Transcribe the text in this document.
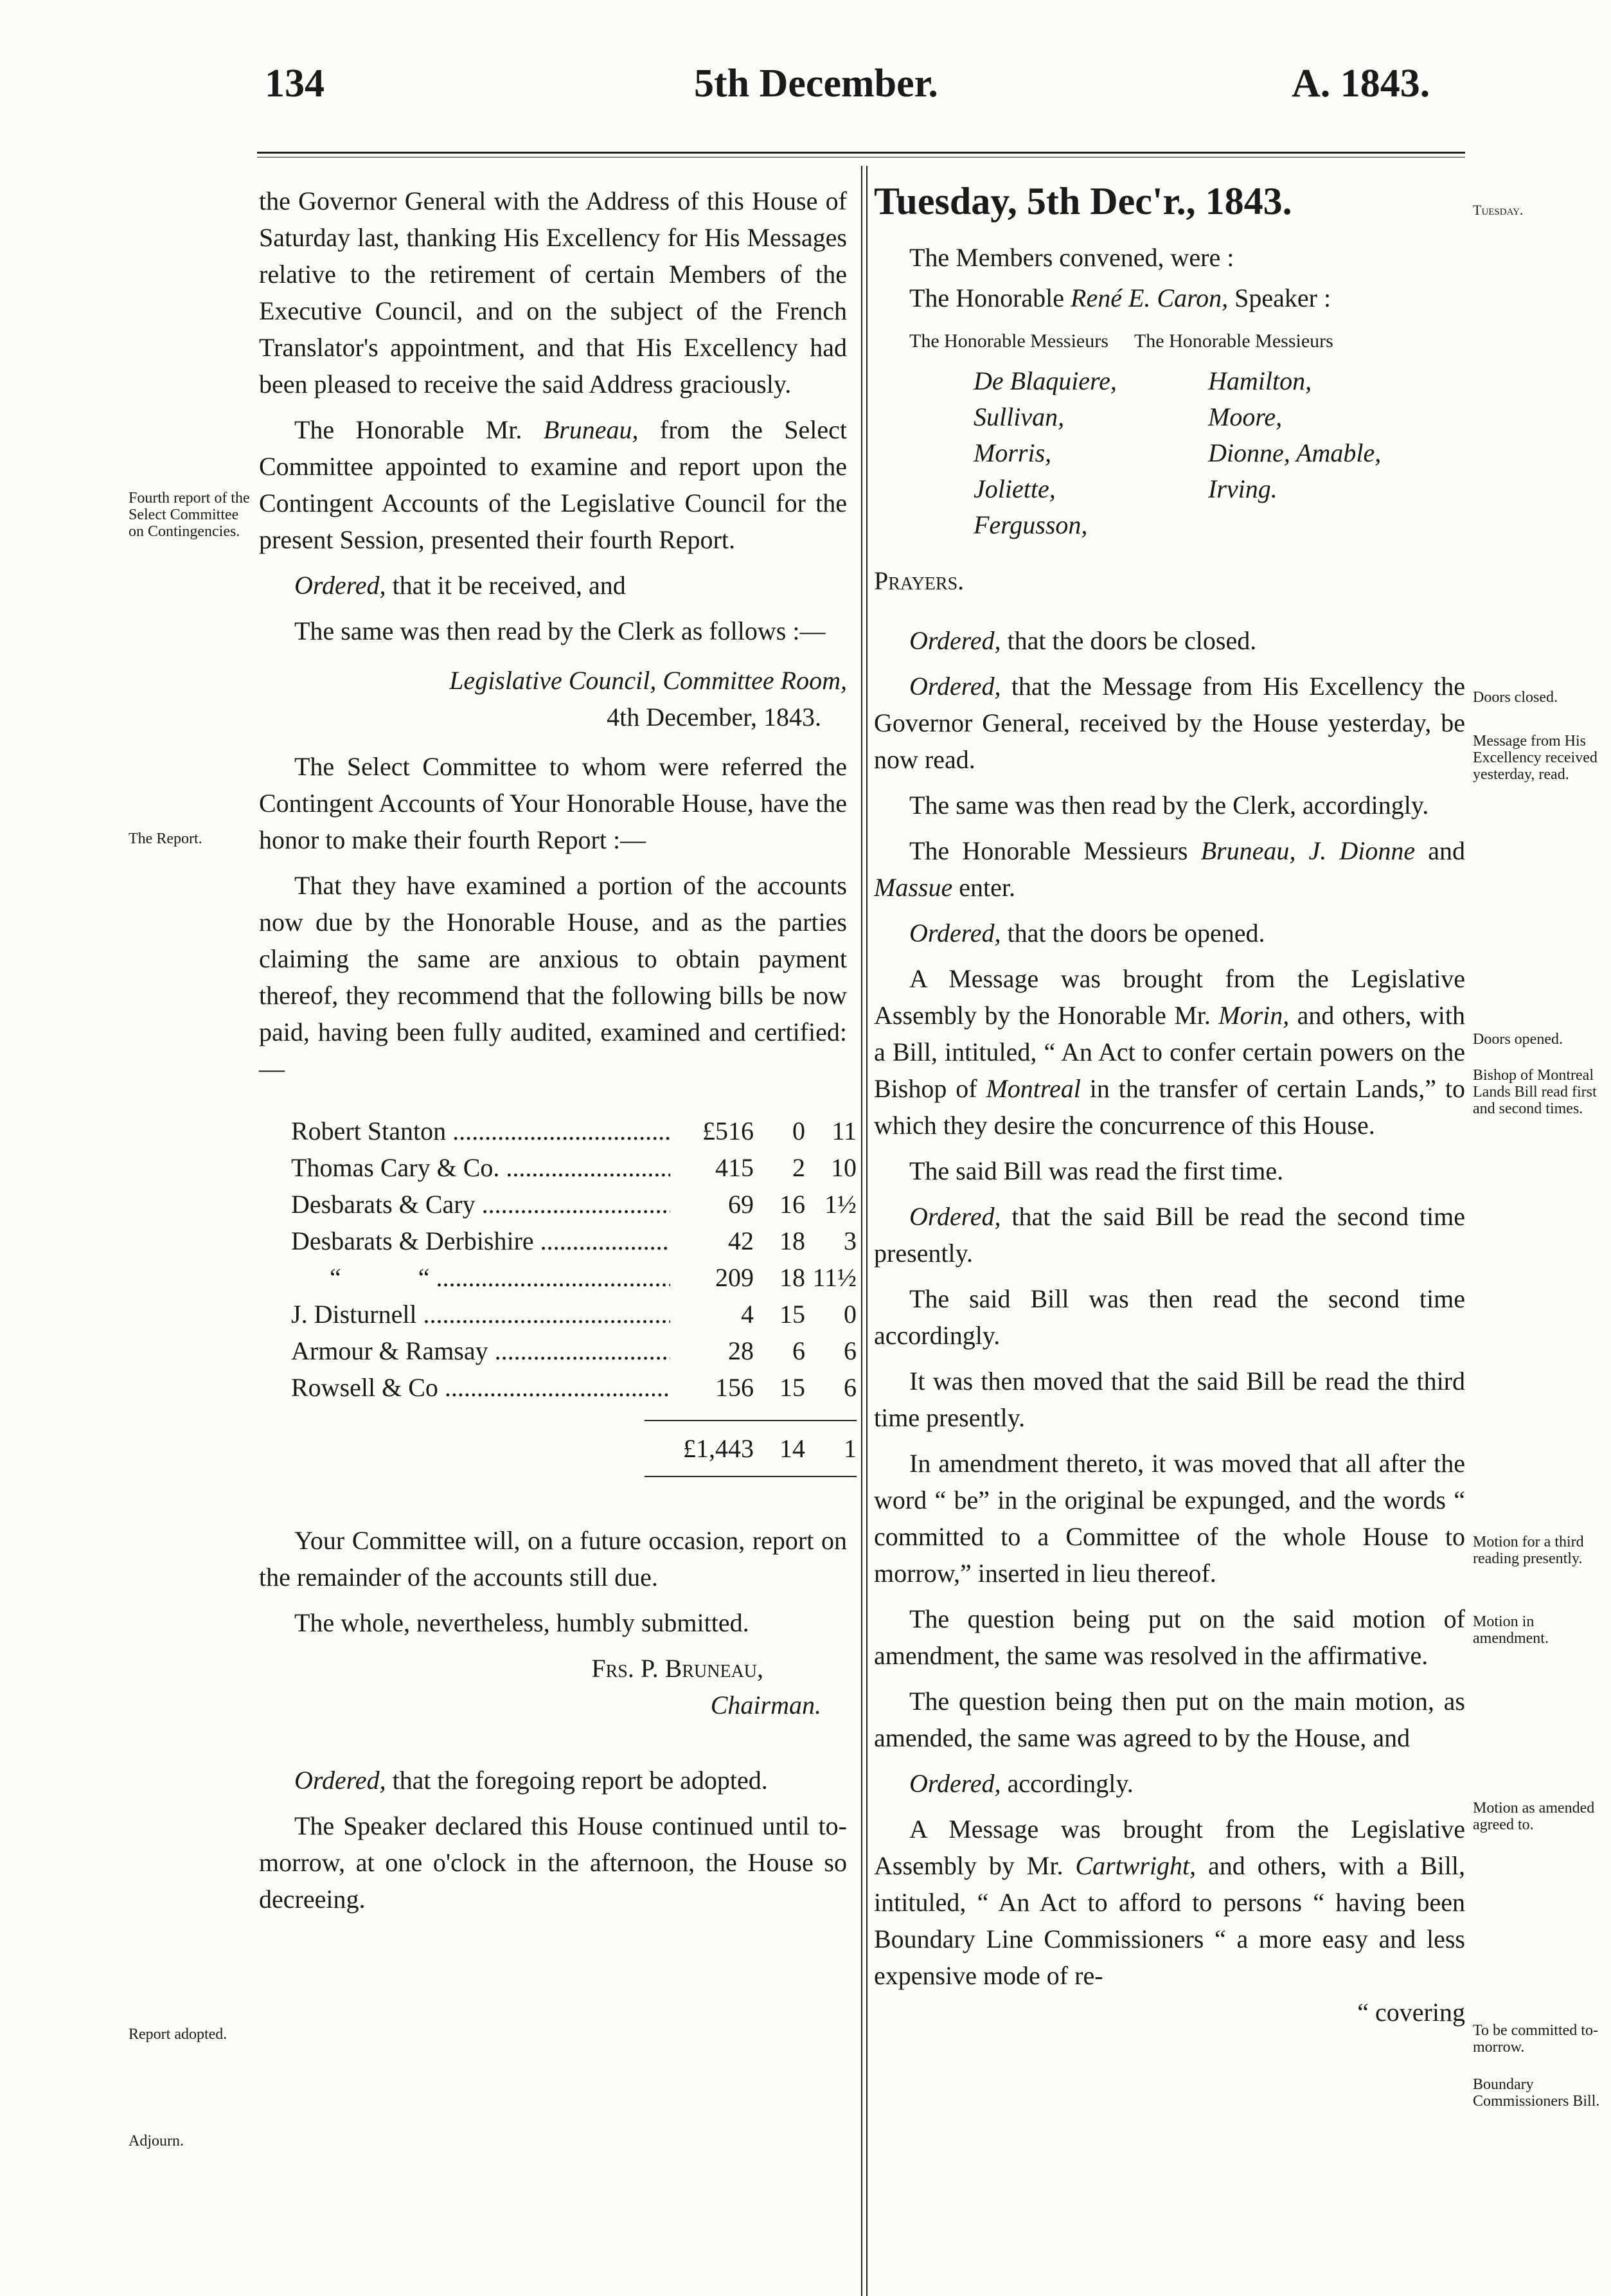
134	5th December.	A. 1843.
Fourth report of the Select Committee on Contingencies.
The Report.
Report adopted.
Adjourn.

the Governor General with the Address of this House of Saturday last, thanking His Excellency for His Messages relative to the retirement of certain Members of the Executive Council, and on the subject of the French Translator's appointment, and that His Excellency had been pleased to receive the said Address graciously.

The Honorable Mr. Bruneau, from the Select Committee appointed to examine and report upon the Contingent Accounts of the Legislative Council for the present Session, presented their fourth Report.

Ordered, that it be received, and

The same was then read by the Clerk as follows :—

Legislative Council, Committee Room,

4th December, 1843.

The Select Committee to whom were referred the Contingent Accounts of Your Honorable House, have the honor to make their fourth Report :—

That they have examined a portion of the accounts now due by the Honorable House, and as the parties claiming the same are anxious to obtain payment thereof, they recommend that the following bills be now paid, having been fully audited, examined and certified:—

Robert Stanton .....	£516	0	11
Thomas Cary & Co. .....	415	2	10
Desbarats & Cary .....	69	16 1½
Desbarats & Derbishire .....	42	18	3
“            “ .....	209	18 11½
J. Disturnell .....	4	15	0
Armour & Ramsay .....	28	6	6
Rowsell & Co .....	156	15	6
£1,443	14	1

Your Committee will, on a future occasion, report on the remainder of the accounts still due.

The whole, nevertheless, humbly submitted.

Frs. P. Bruneau,

Chairman.

Ordered, that the foregoing report be adopted.

The Speaker declared this House continued until to-morrow, at one o'clock in the afternoon, the House so decreeing.

Tuesday, 5th Dec'r., 1843.

The Members convened, were :

The Honorable René E. Caron, Speaker :

The Honorable Messieurs The Honorable Messieurs
De Blaquiere,	Hamilton,
Sullivan,	Moore,
Morris,	Dionne, Amable,
Joliette,	Irving.
Fergusson,

Prayers.

Ordered, that the doors be closed.

Ordered, that the Message from His Excellency the Governor General, received by the House yesterday, be now read.

The same was then read by the Clerk, accordingly.

The Honorable Messieurs Bruneau, J. Dionne and Massue enter.

Ordered, that the doors be opened.

A Message was brought from the Legislative Assembly by the Honorable Mr. Morin, and others, with a Bill, intituled, “ An Act to confer certain powers on the Bishop of Montreal in the transfer of certain Lands,” to which they desire the concurrence of this House.

The said Bill was read the first time.

Ordered, that the said Bill be read the second time presently.

The said Bill was then read the second time accordingly.

It was then moved that the said Bill be read the third time presently.

In amendment thereto, it was moved that all after the word “ be” in the original be expunged, and the words “ committed to a Committee of the whole House to morrow,” inserted in lieu thereof.

The question being put on the said motion of amendment, the same was resolved in the affirmative.

The question being then put on the main motion, as amended, the same was agreed to by the House, and

Ordered, accordingly.

A Message was brought from the Legislative Assembly by Mr. Cartwright, and others, with a Bill, intituled, “ An Act to afford to persons “ having been Boundary Line Commissioners “ a more easy and less expensive mode of re-

“ covering

Tuesday.
Doors closed.
Message from His Excellency received yesterday, read.
Doors opened.
Bishop of Montreal Lands Bill read first and second times.
Motion for a third reading presently.
Motion in amendment.
Motion as amended agreed to.
To be committed to-morrow.
Boundary Commissioners Bill.
